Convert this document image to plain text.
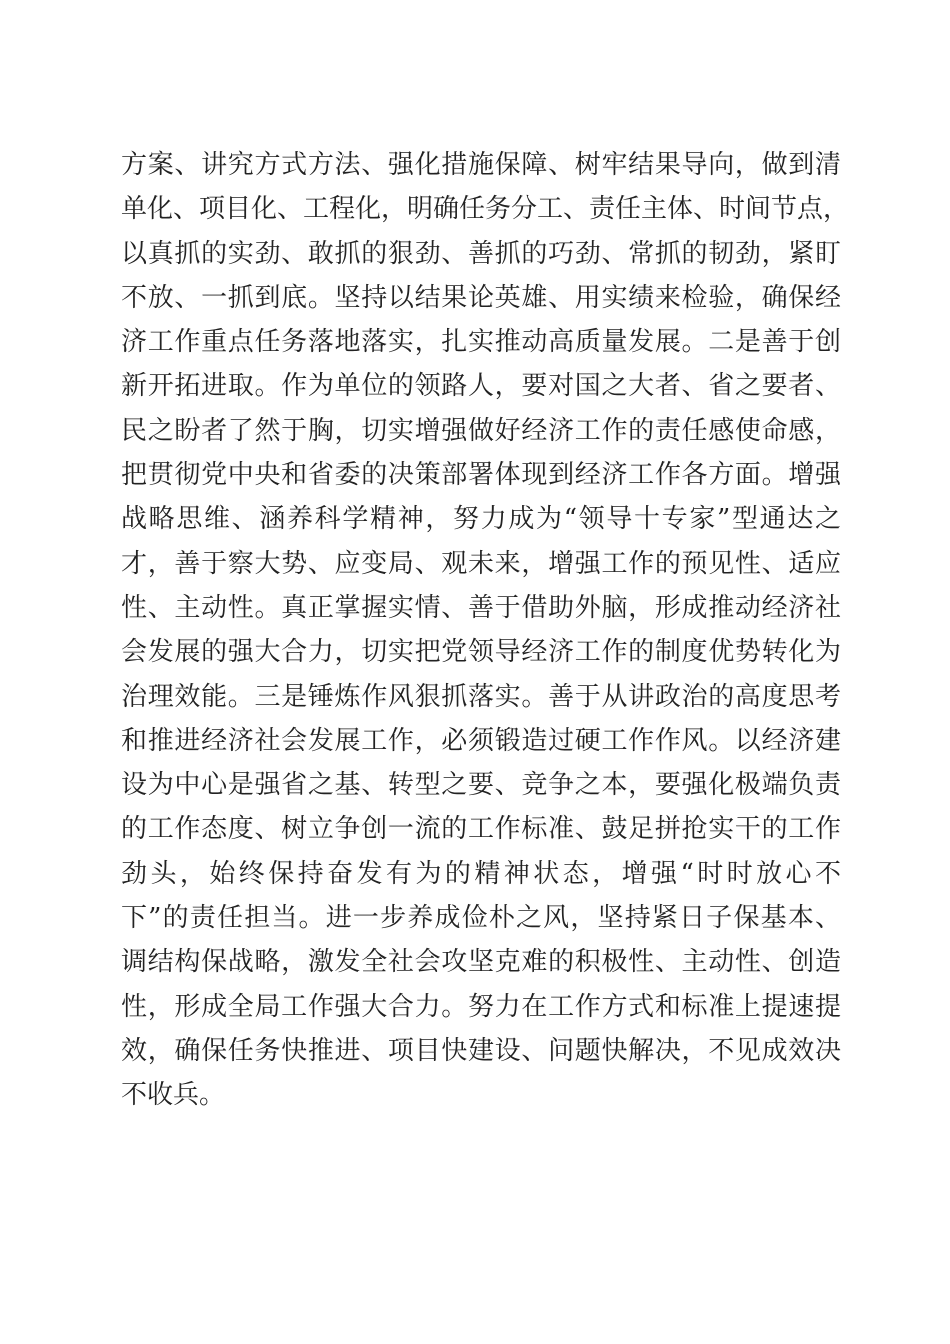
方案、讲究方式方法、强化措施保障、树牢结果导向，做到清
单化、项目化、工程化，明确任务分工、责任主体、时间节点，
以真抓的实劲、敢抓的狠劲、善抓的巧劲、常抓的韧劲，紧盯
不放、一抓到底。坚持以结果论英雄、用实绩来检验，确保经
济工作重点任务落地落实，扎实推动高质量发展。二是善于创
新开拓进取。作为单位的领路人，要对国之大者、省之要者、
民之盼者了然于胸，切实增强做好经济工作的责任感使命感，
把贯彻党中央和省委的决策部署体现到经济工作各方面。增强
战略思维、涵养科学精神，努力成为“领导十专家”型通达之
才，善于察大势、应变局、观未来，增强工作的预见性、适应
性、主动性。真正掌握实情、善于借助外脑，形成推动经济社
会发展的强大合力，切实把党领导经济工作的制度优势转化为
治理效能。三是锤炼作风狠抓落实。善于从讲政治的高度思考
和推进经济社会发展工作，必须锻造过硬工作作风。以经济建
设为中心是强省之基、转型之要、竞争之本，要强化极端负责
的工作态度、树立争创一流的工作标准、鼓足拼抢实干的工作
劲头，始终保持奋发有为的精神状态，增强“时时放心不
下”的责任担当。进一步养成俭朴之风，坚持紧日子保基本、
调结构保战略，激发全社会攻坚克难的积极性、主动性、创造
性，形成全局工作强大合力。努力在工作方式和标准上提速提
效，确保任务快推进、项目快建设、问题快解决，不见成效决
不收兵。
